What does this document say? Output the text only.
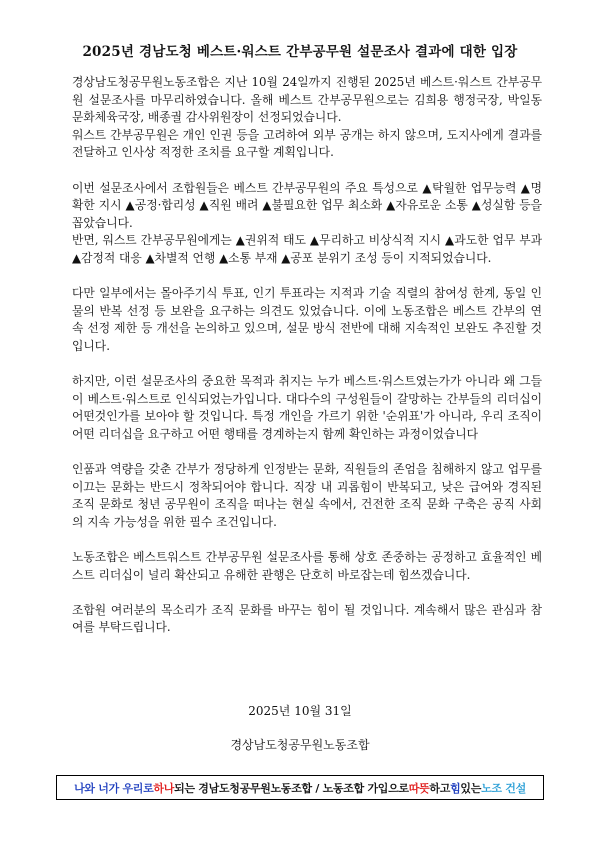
2025년 경남도청 베스트·워스트 간부공무원 설문조사 결과에 대한 입장

경상남도청공무원노동조합은 지난 10월 24일까지 진행된 2025년 베스트·워스트 간부공무원 설문조사를 마무리하였습니다. 올해 베스트 간부공무원으로는 김희용 행정국장, 박일동 문화체육국장, 배종궐 감사위원장이 선정되었습니다.

워스트 간부공무원은 개인 인권 등을 고려하여 외부 공개는 하지 않으며, 도지사에게 결과를 전달하고 인사상 적정한 조치를 요구할 계획입니다.

이번 설문조사에서 조합원들은 베스트 간부공무원의 주요 특성으로 ▲탁월한 업무능력 ▲명확한 지시 ▲공정·합리성 ▲직원 배려 ▲불필요한 업무 최소화 ▲자유로운 소통 ▲성실함 등을 꼽았습니다.

반면, 워스트 간부공무원에게는 ▲권위적 태도 ▲무리하고 비상식적 지시 ▲과도한 업무 부과 ▲감정적 대응 ▲차별적 언행 ▲소통 부재 ▲공포 분위기 조성 등이 지적되었습니다.

다만 일부에서는 몰아주기식 투표, 인기 투표라는 지적과 기술 직렬의 참여성 한계, 동일 인물의 반복 선정 등 보완을 요구하는 의견도 있었습니다. 이에 노동조합은 베스트 간부의 연속 선정 제한 등 개선을 논의하고 있으며, 설문 방식 전반에 대해 지속적인 보완도 추진할 것입니다.

하지만, 이런 설문조사의 중요한 목적과 취지는 누가 베스트·워스트였는가가 아니라 왜 그들이 베스트·워스트로 인식되었는가입니다. 대다수의 구성원들이 갈망하는 간부들의 리더십이 어떤것인가를 보아야 할 것입니다. 특정 개인을 가르기 위한 '순위표'가 아니라, 우리 조직이 어떤 리더십을 요구하고 어떤 행태를 경계하는지 함께 확인하는 과정이었습니다

인품과 역량을 갖춘 간부가 정당하게 인정받는 문화, 직원들의 존엄을 침해하지 않고 업무를 이끄는 문화는 반드시 정착되어야 합니다. 직장 내 괴롭힘이 반복되고, 낮은 급여와 경직된 조직 문화로 청년 공무원이 조직을 떠나는 현실 속에서, 건전한 조직 문화 구축은 공직 사회의 지속 가능성을 위한 필수 조건입니다.

노동조합은 베스트워스트 간부공무원 설문조사를 통해 상호 존중하는 공정하고 효율적인 베스트 리더십이 널리 확산되고 유해한 관행은 단호히 바로잡는데 힘쓰겠습니다.

조합원 여러분의 목소리가 조직 문화를 바꾸는 힘이 될 것입니다. 계속해서 많은 관심과 참여를 부탁드립니다.

2025년 10월 31일
경상남도청공무원노동조합
나와 너가 우리로 하나 되는 경남도청공무원노동조합 / 노동조합 가입으로 따뜻 하고 힘 있는 노조 건설
